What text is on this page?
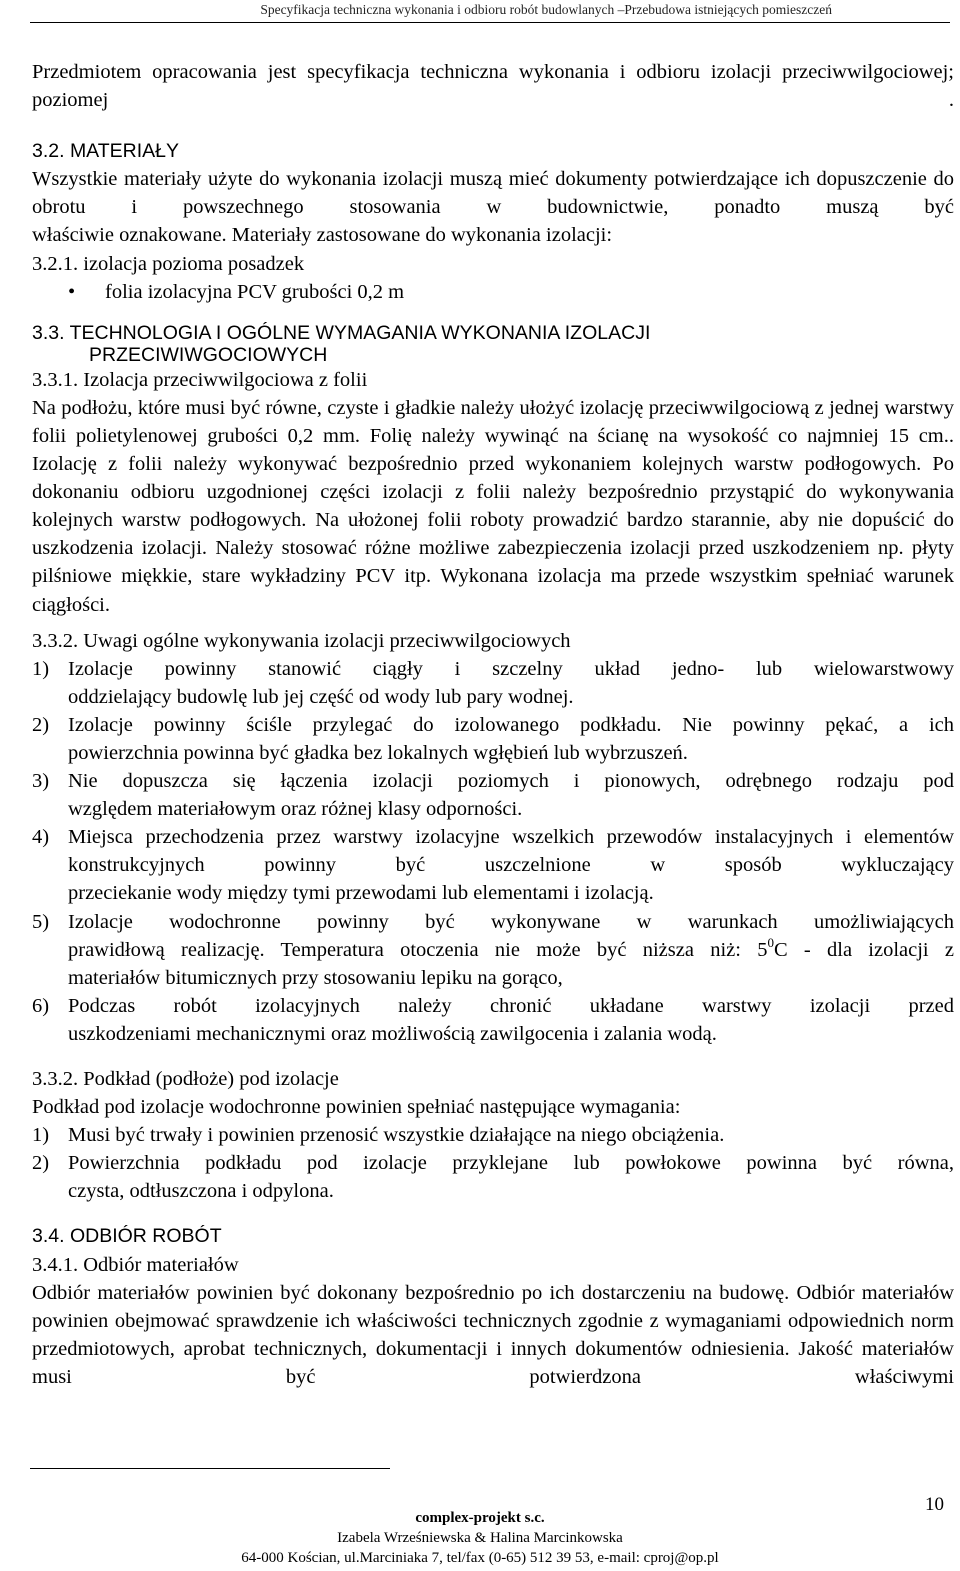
Specyfikacja techniczna wykonania i odbioru robót budowlanych –Przebudowa istniejących pomieszczeń

Przedmiotem opracowania jest specyfikacja techniczna wykonania i odbioru izolacji przeciwwilgociowej; poziomej .

3.2. MATERIAŁY

Wszystkie materiały użyte do wykonania izolacji muszą mieć dokumenty potwierdzające ich dopuszczenie do obrotu i powszechnego stosowania w budownictwie, ponadto muszą być

właściwie oznakowane. Materiały zastosowane do wykonania izolacji:

3.2.1. izolacja pozioma posadzek

• folia izolacyjna PCV grubości 0,2 m

3.3. TECHNOLOGIA I OGÓLNE WYMAGANIA WYKONANIA IZOLACJI
PRZECIWIWGOCIOWYCH

3.3.1. Izolacja przeciwwilgociowa z folii

Na podłożu, które musi być równe, czyste i gładkie należy ułożyć izolację przeciwwilgociową z jednej warstwy folii polietylenowej grubości 0,2 mm. Folię należy wywinąć na ścianę na wysokość co najmniej 15 cm.. Izolację z folii należy wykonywać bezpośrednio przed wykonaniem kolejnych warstw podłogowych. Po dokonaniu odbioru uzgodnionej części izolacji z folii należy bezpośrednio przystąpić do wykonywania kolejnych warstw podłogowych. Na ułożonej folii roboty prowadzić bardzo starannie, aby nie dopuścić do uszkodzenia izolacji. Należy stosować różne możliwe zabezpieczenia izolacji przed uszkodzeniem np. płyty pilśniowe miękkie, stare wykładziny PCV itp. Wykonana izolacja ma przede wszystkim spełniać warunek ciągłości.

3.3.2. Uwagi ogólne wykonywania izolacji przeciwwilgociowych

1) Izolacje powinny stanowić ciągły i szczelny układ jedno- lub wielowarstwowy

oddzielający budowlę lub jej część od wody lub pary wodnej.

2) Izolacje powinny ściśle przylegać do izolowanego podkładu. Nie powinny pękać, a ich

powierzchnia powinna być gładka bez lokalnych wgłębień lub wybrzuszeń.

3) Nie dopuszcza się łączenia izolacji poziomych i pionowych, odrębnego rodzaju pod

względem materiałowym oraz różnej klasy odporności.

4) Miejsca przechodzenia przez warstwy izolacyjne wszelkich przewodów instalacyjnych i elementów konstrukcyjnych powinny być uszczelnione w sposób wykluczający

przeciekanie wody między tymi przewodami lub elementami i izolacją.

5) Izolacje wodochronne powinny być wykonywane w warunkach umożliwiających

prawidłową realizację. Temperatura otoczenia nie może być niższa niż: $5^0C$ - dla izolacji z

materiałów bitumicznych przy stosowaniu lepiku na gorąco,

6) Podczas robót izolacyjnych należy chronić układane warstwy izolacji przed

uszkodzeniami mechanicznymi oraz możliwością zawilgocenia i zalania wodą.

3.3.2. Podkład (podłoże) pod izolacje

Podkład pod izolacje wodochronne powinien spełniać następujące wymagania:

1) Musi być trwały i powinien przenosić wszystkie działające na niego obciążenia.

2) Powierzchnia podkładu pod izolacje przyklejane lub powłokowe powinna być równa,

czysta, odtłuszczona i odpylona.

3.4. ODBIÓR ROBÓT

3.4.1. Odbiór materiałów

Odbiór materiałów powinien być dokonany bezpośrednio po ich dostarczeniu na budowę. Odbiór materiałów powinien obejmować sprawdzenie ich właściwości technicznych zgodnie z wymaganiami odpowiednich norm przedmiotowych, aprobat technicznych, dokumentacji i innych dokumentów odniesienia. Jakość materiałów musi być potwierdzona właściwymi

10
complex-projekt s.c.
Izabela Wrześniewska & Halina Marcinkowska
64-000 Kościan, ul.Marciniaka 7, tel/fax (0-65) 512 39 53, e-mail: cproj@op.pl
